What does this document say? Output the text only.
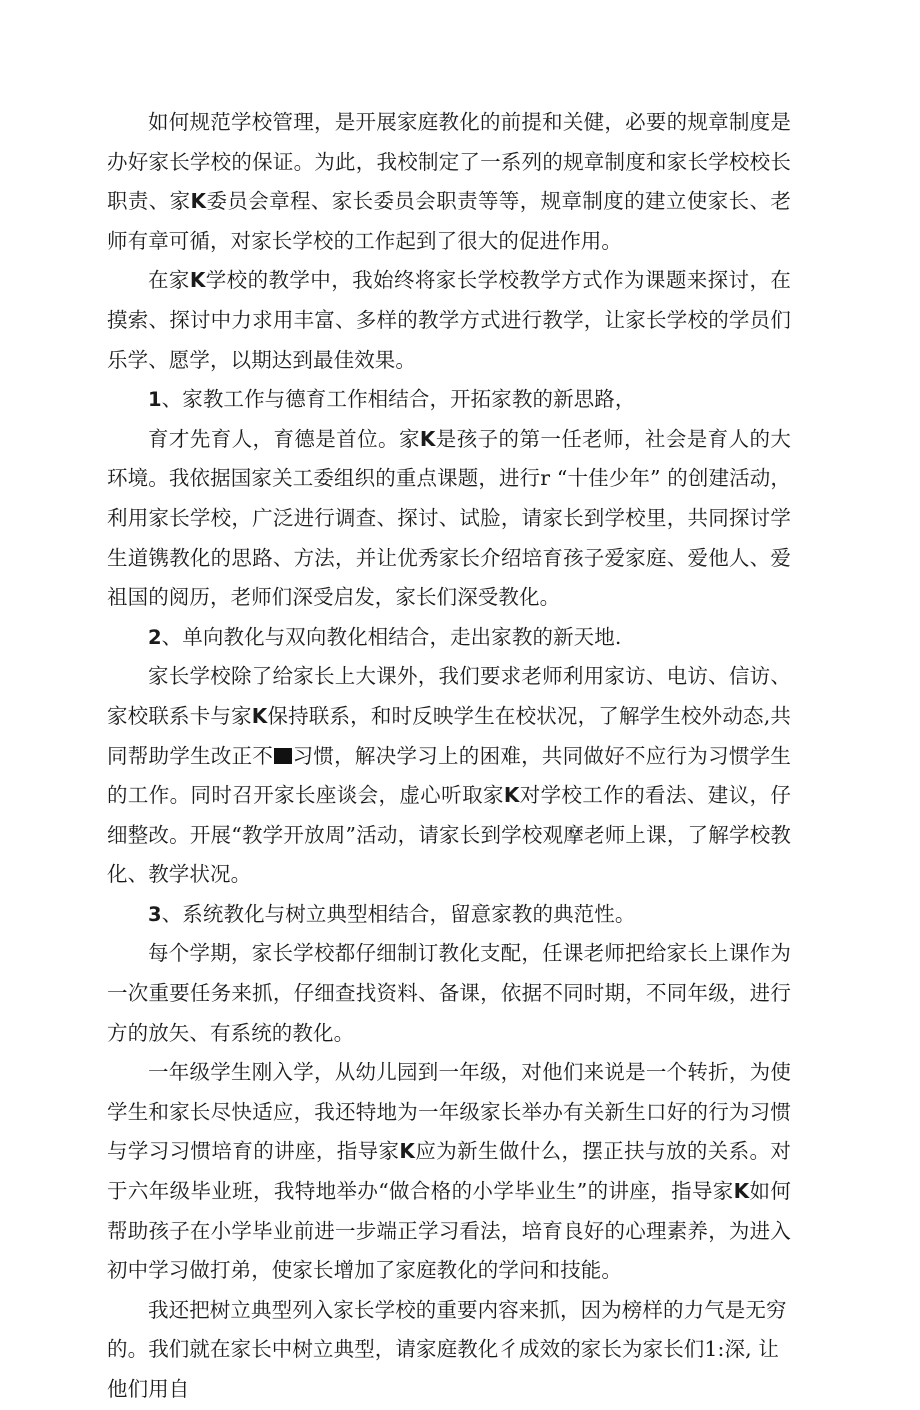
如何规范学校管理，是开展家庭教化的前提和关健，必要的规章制度是办好家长学校的保证。为此，我校制定了一系列的规章制度和家长学校校长职责、家K委员会章程、家长委员会职责等等，规章制度的建立使家长、老师有章可循，对家长学校的工作起到了很大的促进作用。

在家K学校的教学中，我始终将家长学校教学方式作为课题来探讨，在摸索、探讨中力求用丰富、多样的教学方式进行教学，让家长学校的学员们乐学、愿学，以期达到最佳效果。

1、家教工作与德育工作相结合，开拓家教的新思路，

育才先育人，育德是首位。家K是孩子的第一任老师，社会是育人的大环境。我依据国家关工委组织的重点课题，进行r “十佳少年” 的创建活动，利用家长学校，广泛进行调查、探讨、试脸，请家长到学校里，共同探讨学生道镌教化的思路、方法，并让优秀家长介绍培育孩子爱家庭、爱他人、爱祖国的阅历，老师们深受启发，家长们深受教化。

2、单向教化与双向教化相结合，走出家教的新天地.

家长学校除了给家长上大课外，我们要求老师利用家访、电访、信访、家校联系卡与家K保持联系，和时反映学生在校状况，了解学生校外动态,共同帮助学生改正不 习惯，解决学习上的困难，共同做好不应行为习惯学生的工作。同时召开家长座谈会，虚心听取家K对学校工作的看法、建议，仔细整改。开展“教学开放周”活动，请家长到学校观摩老师上课，了解学校教化、教学状况。

3、系统教化与树立典型相结合，留意家教的典范性。

每个学期，家长学校都仔细制订教化支配，任课老师把给家长上课作为一次重要任务来抓，仔细查找资料、备课，依据不同时期，不同年级，进行方的放矢、有系统的教化。

一年级学生刚入学，从幼儿园到一年级，对他们来说是一个转折，为使学生和家长尽快适应，我还特地为一年级家长举办有关新生口好的行为习惯与学习习惯培育的讲座，指导家K应为新生做什么，摆正扶与放的关系。对于六年级毕业班，我特地举办“做合格的小学毕业生”的讲座，指导家K如何帮助孩子在小学毕业前进一步端正学习看法，培育良好的心理素养，为进入初中学习做打弟，使家长增加了家庭教化的学问和技能。

我还把树立典型列入家长学校的重要内容来抓，因为榜样的力气是无穷的。我们就在家长中树立典型，请家庭教化彳成效的家长为家长们1:深, 让他们用自
